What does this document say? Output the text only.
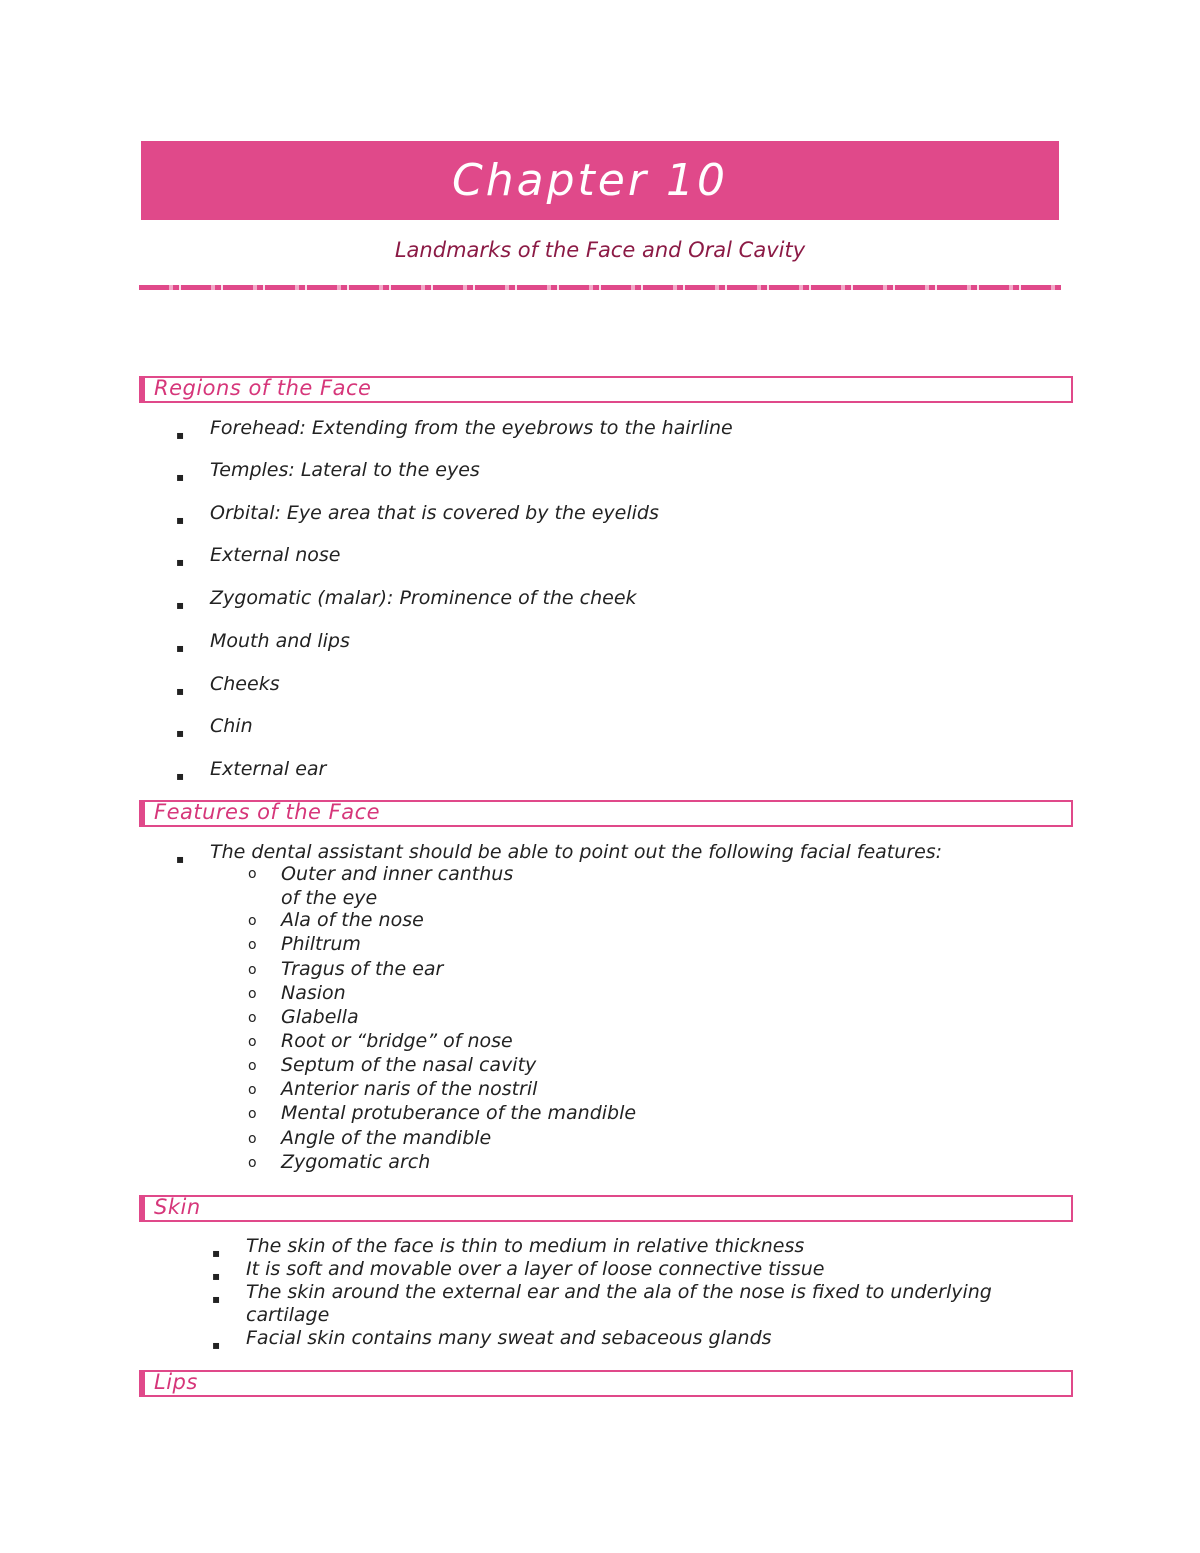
Chapter 10
Landmarks of the Face and Oral Cavity
Regions of the Face
▪ Forehead: Extending from the eyebrows to the hairline
▪ Temples: Lateral to the eyes
▪ Orbital: Eye area that is covered by the eyelids
▪ External nose
▪ Zygomatic (malar): Prominence of the cheek
▪ Mouth and lips
▪ Cheeks
▪ Chin
▪ External ear
Features of the Face
▪ The dental assistant should be able to point out the following facial features:
o Outer and inner canthus
of the eye
o Ala of the nose
o Philtrum
o Tragus of the ear
o Nasion
o Glabella
o Root or “bridge” of nose
o Septum of the nasal cavity
o Anterior naris of the nostril
o Mental protuberance of the mandible
o Angle of the mandible
o Zygomatic arch
Skin
▪ The skin of the face is thin to medium in relative thickness
▪ It is soft and movable over a layer of loose connective tissue
▪ The skin around the external ear and the ala of the nose is fixed to underlying
cartilage
▪ Facial skin contains many sweat and sebaceous glands
Lips
